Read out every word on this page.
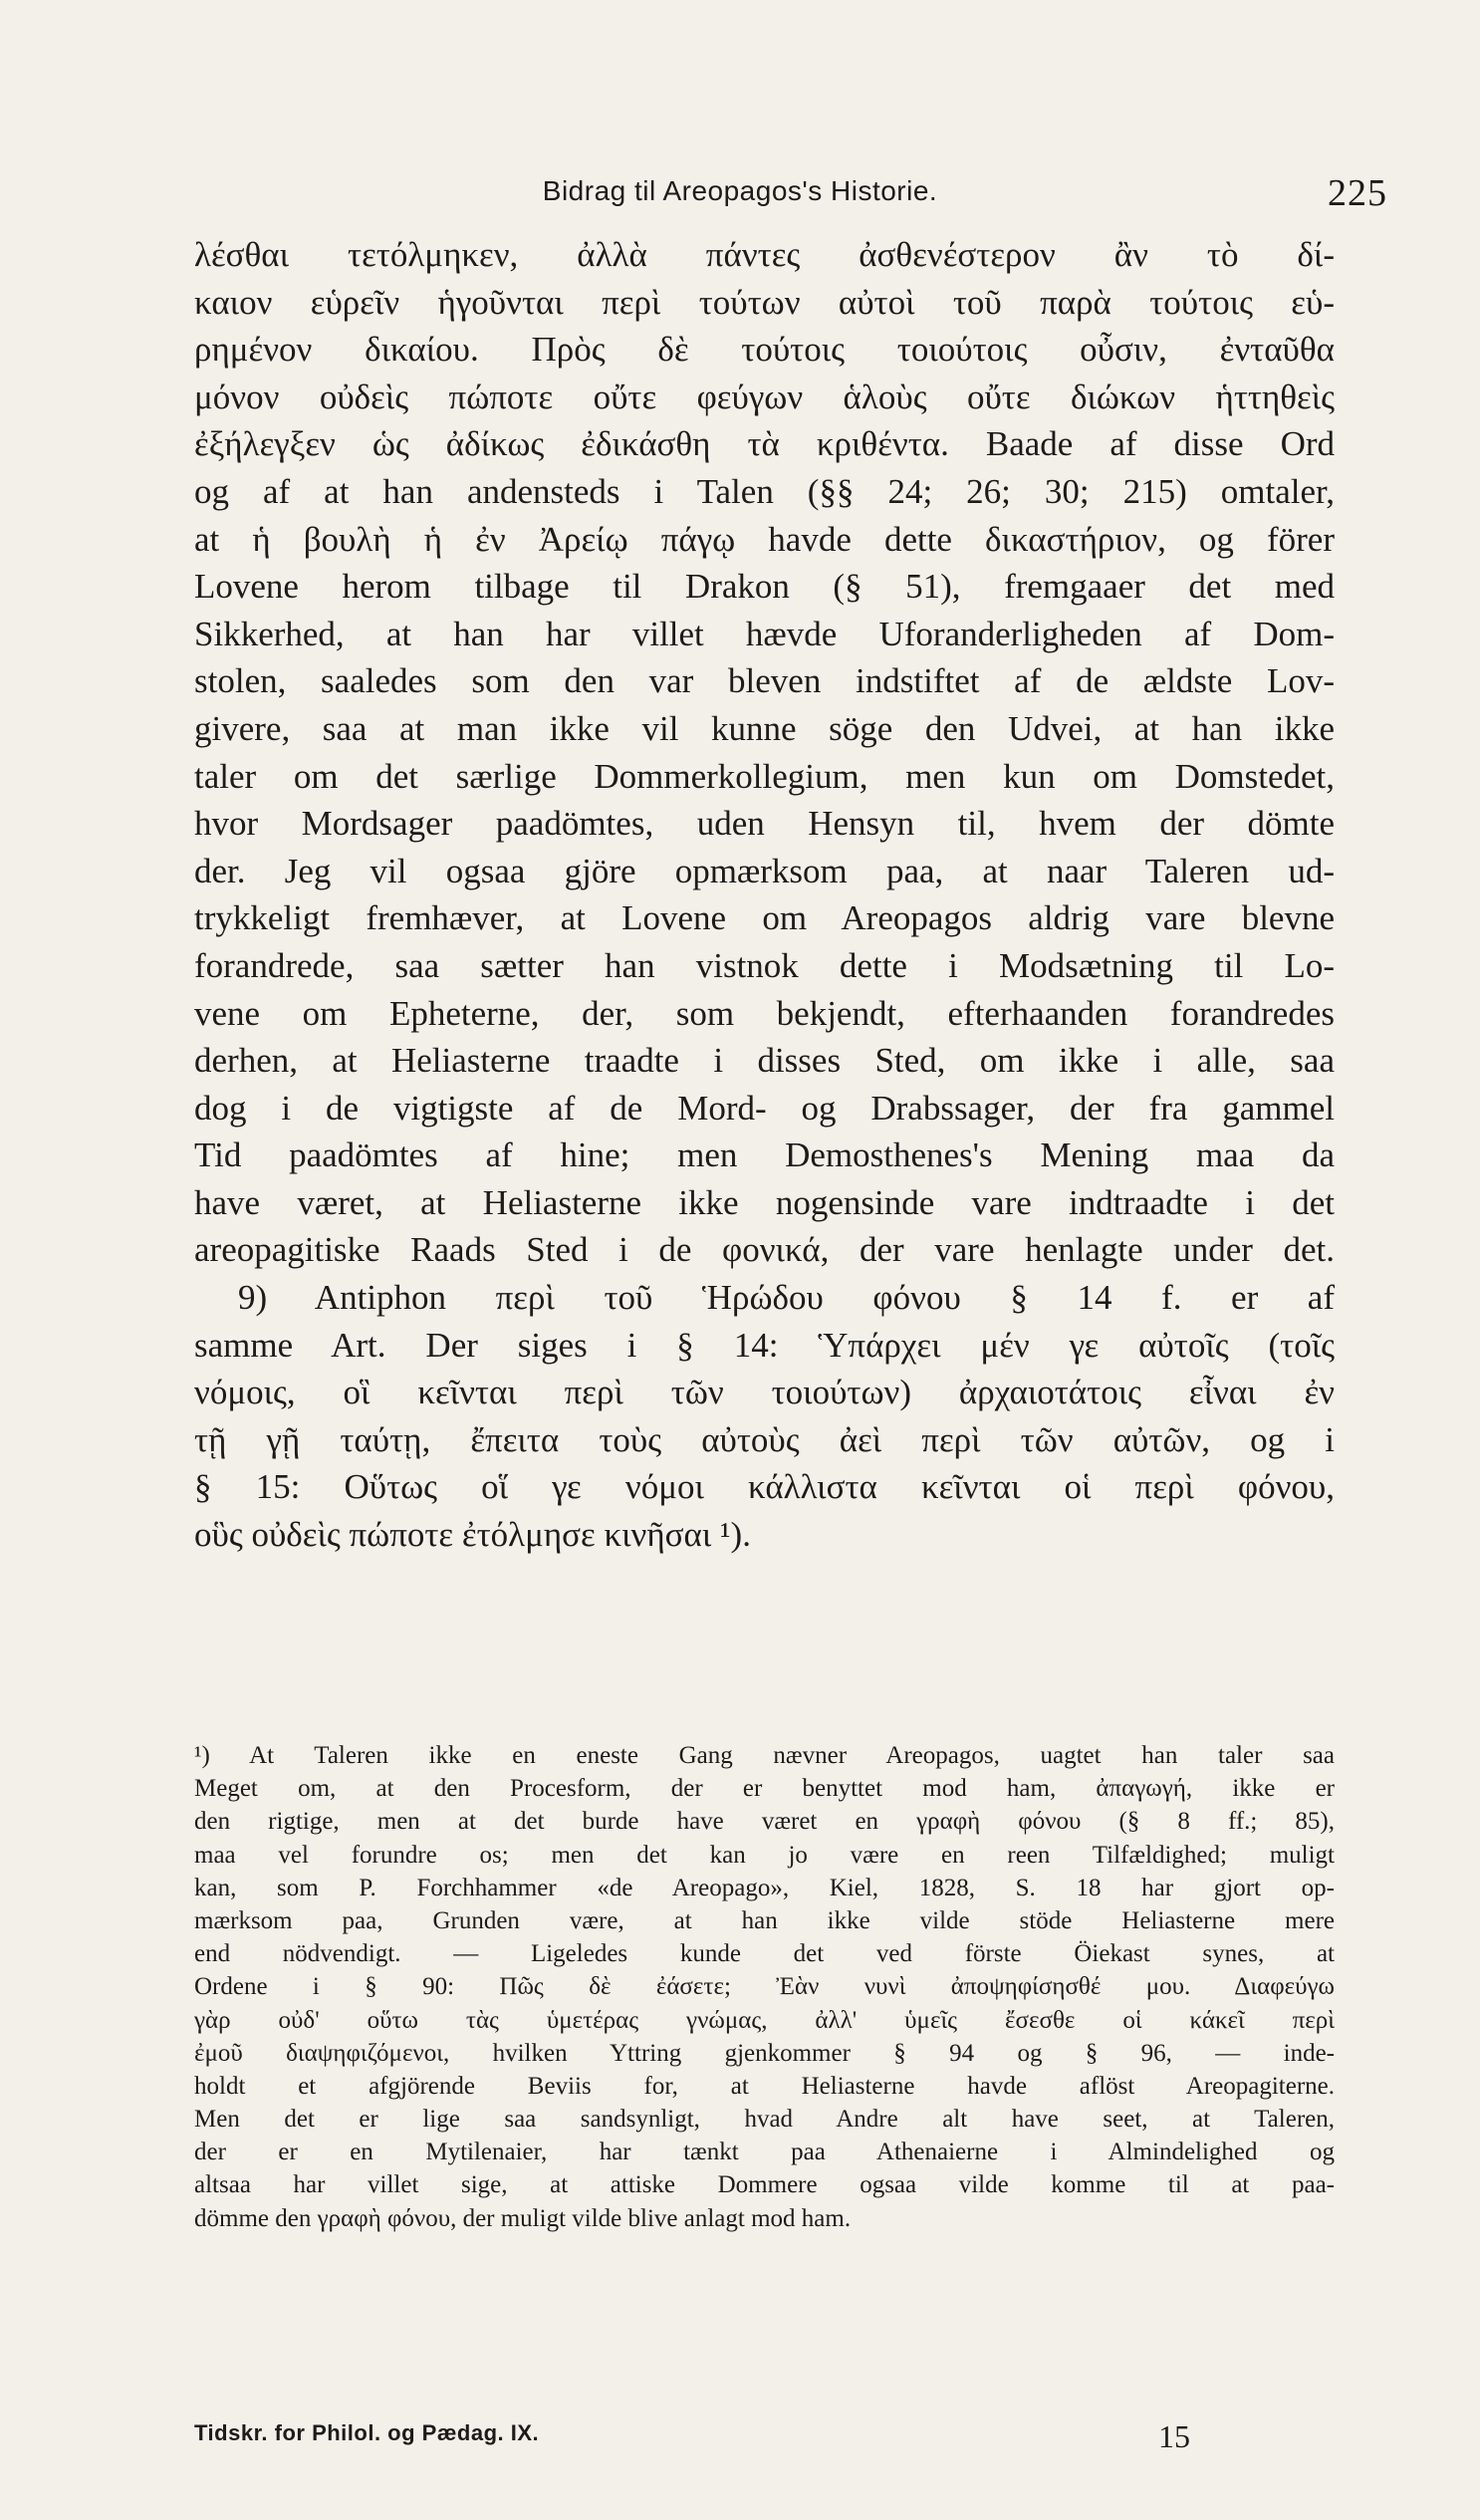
Bidrag til Areopagos's Historie.	225
λέσθαι τετόλμηκεν, ἀλλὰ πάντες ἀσθενέστερον ἂν τὸ δί-
καιον εὑρεῖν ἡγοῦνται περὶ τούτων αὐτοὶ τοῦ παρὰ τούτοις εὑ-
ρημένον δικαίου. Πρὸς δὲ τούτοις τοιούτοις οὖσιν, ἐνταῦθα
μόνον οὐδεὶς πώποτε οὔτε φεύγων ἁλοὺς οὔτε διώκων ἡττηθεὶς
ἐξήλεγξεν ὡς ἀδίκως ἐδικάσθη τὰ κριθέντα. Baade af disse Ord
og af at han andensteds i Talen (§§ 24; 26; 30; 215) omtaler,
at ἡ βουλὴ ἡ ἐν Ἀρείῳ πάγῳ havde dette δικαστήριον, og förer
Lovene herom tilbage til Drakon (§ 51), fremgaaer det med
Sikkerhed, at han har villet hævde Uforanderligheden af Dom-
stolen, saaledes som den var bleven indstiftet af de ældste Lov-
givere, saa at man ikke vil kunne söge den Udvei, at han ikke
taler om det særlige Dommerkollegium, men kun om Domstedet,
hvor Mordsager paadömtes, uden Hensyn til, hvem der dömte
der. Jeg vil ogsaa gjöre opmærksom paa, at naar Taleren ud-
trykkeligt fremhæver, at Lovene om Areopagos aldrig vare blevne
forandrede, saa sætter han vistnok dette i Modsætning til Lo-
vene om Epheterne, der, som bekjendt, efterhaanden forandredes
derhen, at Heliasterne traadte i disses Sted, om ikke i alle, saa
dog i de vigtigste af de Mord- og Drabssager, der fra gammel
Tid paadömtes af hine; men Demosthenes's Mening maa da
have været, at Heliasterne ikke nogensinde vare indtraadte i det
areopagitiske Raads Sted i de φονικά, der vare henlagte under det.
9) Antiphon περὶ τοῦ Ἡρώδου φόνου § 14 f. er af
samme Art. Der siges i § 14: Ὑπάρχει μέν γε αὐτοῖς (τοῖς
νόμοις, οἳ κεῖνται περὶ τῶν τοιούτων) ἀρχαιοτάτοις εἶναι ἐν
τῇ γῇ ταύτῃ, ἔπειτα τοὺς αὐτοὺς ἀεὶ περὶ τῶν αὐτῶν, og i
§ 15: Οὕτως οἵ γε νόμοι κάλλιστα κεῖνται οἱ περὶ φόνου,
οὓς οὐδεὶς πώποτε ἐτόλμησε κινῆσαι ¹).
¹) At Taleren ikke en eneste Gang nævner Areopagos, uagtet han taler saa
Meget om, at den Procesform, der er benyttet mod ham, ἀπαγωγή, ikke er
den rigtige, men at det burde have været en γραφὴ φόνου (§ 8 ff.; 85),
maa vel forundre os; men det kan jo være en reen Tilfældighed; muligt
kan, som P. Forchhammer «de Areopago», Kiel, 1828, S. 18 har gjort op-
mærksom paa, Grunden være, at han ikke vilde stöde Heliasterne mere
end nödvendigt. — Ligeledes kunde det ved förste Öiekast synes, at
Ordene i § 90: Πῶς δὲ ἐάσετε; Ἐὰν νυνὶ ἀποψηφίσησθέ μου. Διαφεύγω
γὰρ οὐδ' οὕτω τὰς ὑμετέρας γνώμας, ἀλλ' ὑμεῖς ἔσεσθε οἱ κάκεῖ περὶ
ἐμοῦ διαψηφιζόμενοι, hvilken Yttring gjenkommer § 94 og § 96, — inde-
holdt et afgjörende Beviis for, at Heliasterne havde aflöst Areopagiterne.
Men det er lige saa sandsynligt, hvad Andre alt have seet, at Taleren,
der er en Mytilenaier, har tænkt paa Athenaierne i Almindelighed og
altsaa har villet sige, at attiske Dommere ogsaa vilde komme til at paa-
dömme den γραφὴ φόνου, der muligt vilde blive anlagt mod ham.
Tidskr. for Philol. og Pædag. IX.	15
